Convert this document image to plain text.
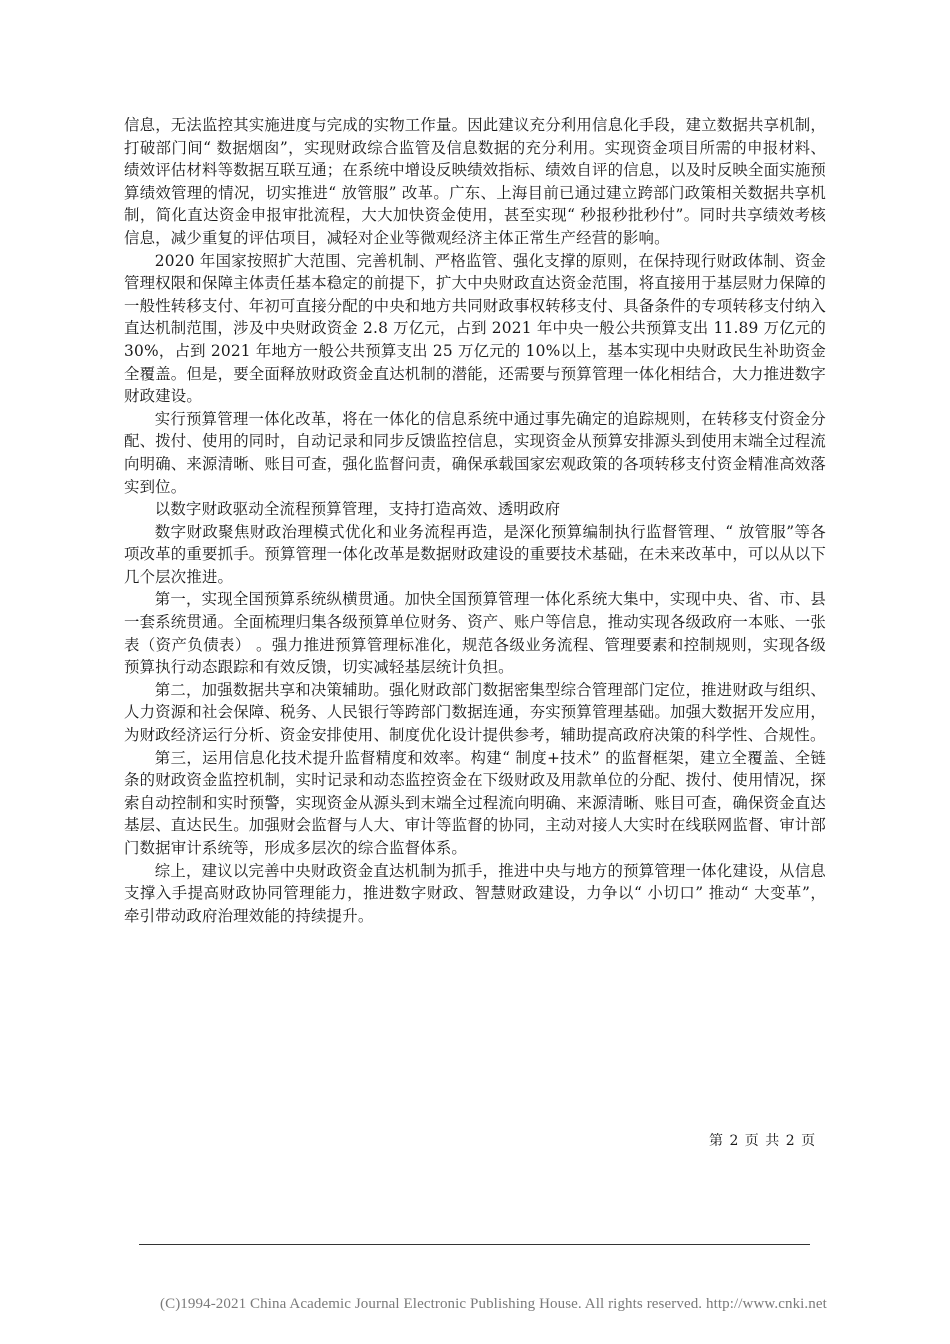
信息，无法监控其实施进度与完成的实物工作量。因此建议充分利用信息化手段，建立数据共享机制，打破部门间“ 数据烟囱”，实现财政综合监管及信息数据的充分利用。实现资金项目所需的申报材料、绩效评估材料等数据互联互通；在系统中增设反映绩效指标、绩效自评的信息，以及时反映全面实施预算绩效管理的情况，切实推进“ 放管服” 改革。广东、上海目前已通过建立跨部门政策相关数据共享机制，简化直达资金申报审批流程，大大加快资金使用，甚至实现“ 秒报秒批秒付”。同时共享绩效考核信息，减少重复的评估项目，减轻对企业等微观经济主体正常生产经营的影响。

2020 年国家按照扩大范围、完善机制、严格监管、强化支撑的原则，在保持现行财政体制、资金管理权限和保障主体责任基本稳定的前提下，扩大中央财政直达资金范围，将直接用于基层财力保障的一般性转移支付、年初可直接分配的中央和地方共同财政事权转移支付、具备条件的专项转移支付纳入直达机制范围，涉及中央财政资金 2.8 万亿元，占到 2021 年中央一般公共预算支出 11.89 万亿元的 30%，占到 2021 年地方一般公共预算支出 25 万亿元的 10%以上，基本实现中央财政民生补助资金全覆盖。但是，要全面释放财政资金直达机制的潜能，还需要与预算管理一体化相结合，大力推进数字财政建设。

实行预算管理一体化改革，将在一体化的信息系统中通过事先确定的追踪规则，在转移支付资金分配、拨付、使用的同时，自动记录和同步反馈监控信息，实现资金从预算安排源头到使用末端全过程流向明确、来源清晰、账目可查，强化监督问责，确保承载国家宏观政策的各项转移支付资金精准高效落实到位。

以数字财政驱动全流程预算管理，支持打造高效、透明政府

数字财政聚焦财政治理模式优化和业务流程再造，是深化预算编制执行监督管理、“ 放管服”等各项改革的重要抓手。预算管理一体化改革是数据财政建设的重要技术基础，在未来改革中，可以从以下几个层次推进。

第一，实现全国预算系统纵横贯通。加快全国预算管理一体化系统大集中，实现中央、省、市、县一套系统贯通。全面梳理归集各级预算单位财务、资产、账户等信息，推动实现各级政府一本账、一张表（资产负债表） 。强力推进预算管理标准化，规范各级业务流程、管理要素和控制规则，实现各级预算执行动态跟踪和有效反馈，切实减轻基层统计负担。

第二，加强数据共享和决策辅助。强化财政部门数据密集型综合管理部门定位，推进财政与组织、人力资源和社会保障、税务、人民银行等跨部门数据连通，夯实预算管理基础。加强大数据开发应用，为财政经济运行分析、资金安排使用、制度优化设计提供参考，辅助提高政府决策的科学性、合规性。

第三，运用信息化技术提升监督精度和效率。构建“ 制度+技术” 的监督框架，建立全覆盖、全链条的财政资金监控机制，实时记录和动态监控资金在下级财政及用款单位的分配、拨付、使用情况，探索自动控制和实时预警，实现资金从源头到末端全过程流向明确、来源清晰、账目可查，确保资金直达基层、直达民生。加强财会监督与人大、审计等监督的协同，主动对接人大实时在线联网监督、审计部门数据审计系统等，形成多层次的综合监督体系。

综上，建议以完善中央财政资金直达机制为抓手，推进中央与地方的预算管理一体化建设，从信息支撑入手提高财政协同管理能力，推进数字财政、智慧财政建设，力争以“ 小切口” 推动“ 大变革”，牵引带动政府治理效能的持续提升。

第 2 页 共 2 页
(C)1994-2021 China Academic Journal Electronic Publishing House. All rights reserved. http://www.cnki.net
